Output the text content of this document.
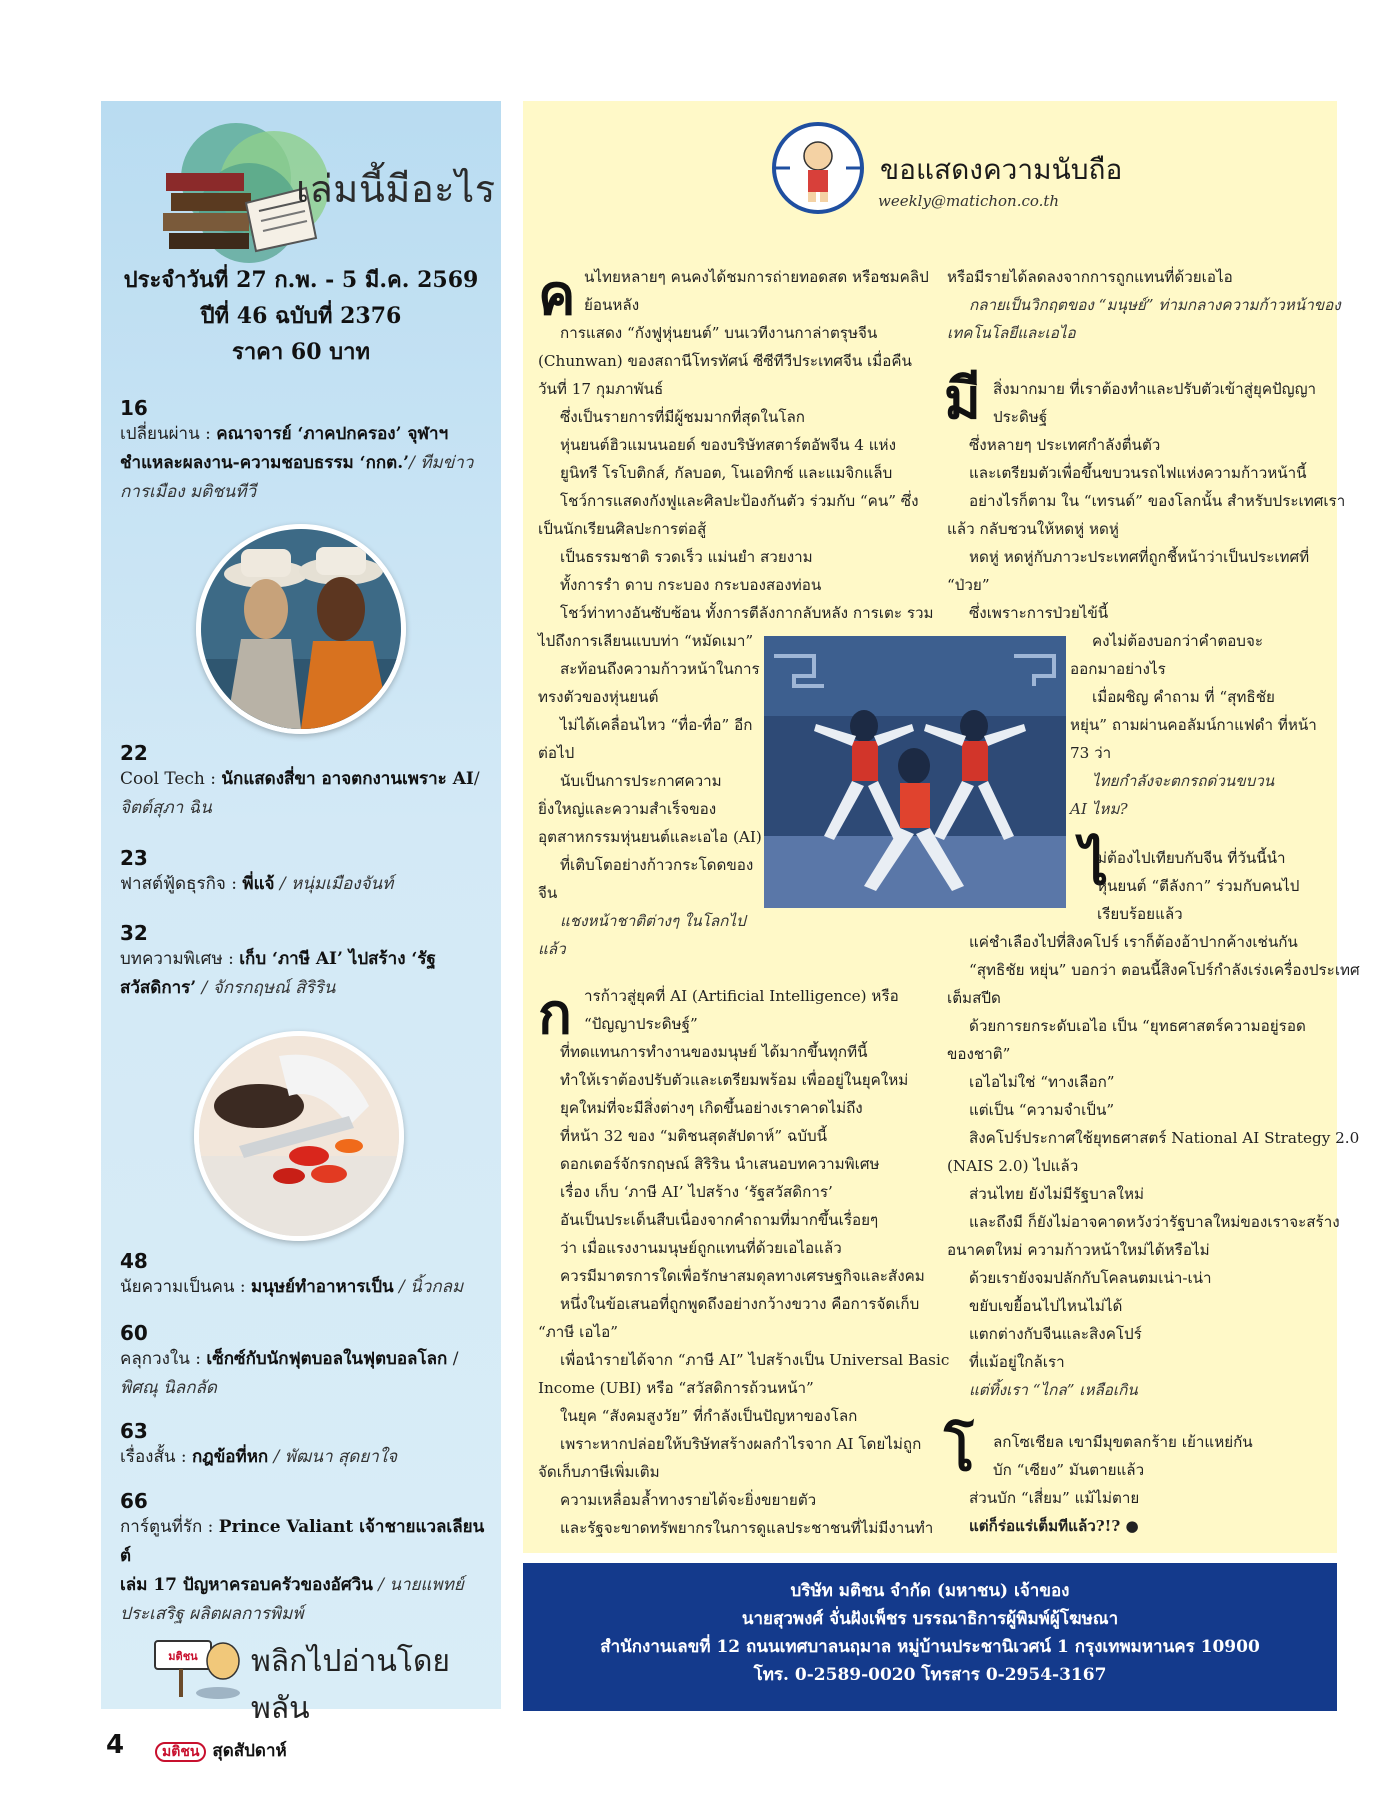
เล่มนี้มีอะไร
ประจำวันที่ 27 ก.พ. - 5 มี.ค. 2569
ปีที่ 46 ฉบับที่ 2376
ราคา 60 บาท
16
เปลี่ยนผ่าน : คณาจารย์ ‘ภาคปกครอง’ จุฬาฯ
ชำแหละผลงาน-ความชอบธรรม ‘กกต.’/ ทีมข่าว
การเมือง มติชนทีวี
22
Cool Tech : นักแสดงสี่ขา อาจตกงานเพราะ AI/
จิตต์สุภา ฉิน
23
ฟาสต์ฟู้ดธุรกิจ : พี่แจ้ / หนุ่มเมืองจันท์
32
บทความพิเศษ : เก็บ ‘ภาษี AI’ ไปสร้าง ‘รัฐ
สวัสดิการ’ / จักรกฤษณ์ สิริริน
48
นัยความเป็นคน : มนุษย์ทำอาหารเป็น / นิ้วกลม
60
คลุกวงใน : เซ็กซ์กับนักฟุตบอลในฟุตบอลโลก /
พิศณุ นิลกลัด
63
เรื่องสั้น : กฎข้อที่หก / พัฒนา สุดยาใจ
66
การ์ตูนที่รัก : Prince Valiant เจ้าชายแวลเลียนต์
เล่ม 17 ปัญหาครอบครัวของอัศวิน / นายแพทย์
ประเสริฐ ผลิตผลการพิมพ์
มติชน	พลิกไปอ่านโดยพลัน
ขอแสดงความนับถือ
weekly@matichon.co.th
ค นไทยหลายๆ คนคงได้ชมการถ่ายทอดสด หรือชมคลิป

ย้อนหลัง

การแสดง “กังฟูหุ่นยนต์” บนเวทีงานกาล่าตรุษจีน

(Chunwan) ของสถานีโทรทัศน์ ซีซีทีวีประเทศจีน เมื่อคืน

วันที่ 17 กุมภาพันธ์

ซึ่งเป็นรายการที่มีผู้ชมมากที่สุดในโลก

หุ่นยนต์ฮิวแมนนอยด์ ของบริษัทสตาร์ตอัพจีน 4 แห่ง

ยูนิทรี โรโบติกส์, กัลบอต, โนเอทิกซ์ และแมจิกแล็บ

โชว์การแสดงกังฟูและศิลปะป้องกันตัว ร่วมกับ “คน” ซึ่ง

เป็นนักเรียนศิลปะการต่อสู้

เป็นธรรมชาติ รวดเร็ว แม่นยำ สวยงาม

ทั้งการรำ ดาบ กระบอง กระบองสองท่อน

โชว์ท่าทางอันซับซ้อน ทั้งการตีลังกากลับหลัง การเตะ รวม

ไปถึงการเลียนแบบท่า “หมัดเมา”

สะท้อนถึงความก้าวหน้าในการ

ทรงตัวของหุ่นยนต์

ไม่ได้เคลื่อนไหว “ทื่อ-ทื่อ” อีก

ต่อไป

นับเป็นการประกาศความ

ยิ่งใหญ่และความสำเร็จของ

อุตสาหกรรมหุ่นยนต์และเอไอ (AI)

ที่เติบโตอย่างก้าวกระโดดของ

จีน

แชงหน้าชาติต่างๆ ในโลกไป

แล้ว

ก ารก้าวสู่ยุคที่ AI (Artificial Intelligence) หรือ

“ปัญญาประดิษฐ์”

ที่ทดแทนการทำงานของมนุษย์ ได้มากขึ้นทุกทีนี้

ทำให้เราต้องปรับตัวและเตรียมพร้อม เพื่ออยู่ในยุคใหม่

ยุคใหม่ที่จะมีสิ่งต่างๆ เกิดขึ้นอย่างเราคาดไม่ถึง

ที่หน้า 32 ของ “มติชนสุดสัปดาห์” ฉบับนี้

ดอกเตอร์จักรกฤษณ์ สิริริน นำเสนอบทความพิเศษ

เรื่อง เก็บ ‘ภาษี AI’ ไปสร้าง ‘รัฐสวัสดิการ’

อันเป็นประเด็นสืบเนื่องจากคำถามที่มากขึ้นเรื่อยๆ

ว่า เมื่อแรงงานมนุษย์ถูกแทนที่ด้วยเอไอแล้ว

ควรมีมาตรการใดเพื่อรักษาสมดุลทางเศรษฐกิจและสังคม

หนึ่งในข้อเสนอที่ถูกพูดถึงอย่างกว้างขวาง คือการจัดเก็บ

“ภาษี เอไอ”

เพื่อนำรายได้จาก “ภาษี AI” ไปสร้างเป็น Universal Basic

Income (UBI) หรือ “สวัสดิการถ้วนหน้า”

ในยุค “สังคมสูงวัย” ที่กำลังเป็นปัญหาของโลก

เพราะหากปล่อยให้บริษัทสร้างผลกำไรจาก AI โดยไม่ถูก

จัดเก็บภาษีเพิ่มเติม

ความเหลื่อมล้ำทางรายได้จะยิ่งขยายตัว

และรัฐจะขาดทรัพยากรในการดูแลประชาชนที่ไม่มีงานทำ

หรือมีรายได้ลดลงจากการถูกแทนที่ด้วยเอไอ

กลายเป็นวิกฤตของ “มนุษย์” ท่ามกลางความก้าวหน้าของ

เทคโนโลยีและเอไอ

มี สิ่งมากมาย ที่เราต้องทำและปรับตัวเข้าสู่ยุคปัญญา

ประดิษฐ์

ซึ่งหลายๆ ประเทศกำลังตื่นตัว

และเตรียมตัวเพื่อขึ้นขบวนรถไฟแห่งความก้าวหน้านี้

อย่างไรก็ตาม ใน “เทรนด์” ของโลกนั้น สำหรับประเทศเรา

แล้ว กลับชวนให้หดหู่ หดหู่

หดหู่ หดหู่กับภาวะประเทศที่ถูกชี้หน้าว่าเป็นประเทศที่

“ป่วย”

ซึ่งเพราะการป่วยไข้นี้

คงไม่ต้องบอกว่าคำตอบจะ

ออกมาอย่างไร

เมื่อผชิญ คำถาม ที่ “สุทธิชัย

หยุ่น” ถามผ่านคอลัมน์กาแฟดำ ที่หน้า

73 ว่า

ไทยกำลังจะตกรถด่วนขบวน

AI ไหม?

ไ

ม่ต้องไปเทียบกับจีน ที่วันนี้นำ

หุ่นยนต์ “ตีลังกา” ร่วมกับคนไป

เรียบร้อยแล้ว

แค่ชำเลืองไปที่สิงคโปร์ เราก็ต้องอ้าปากค้างเช่นกัน

“สุทธิชัย หยุ่น” บอกว่า ตอนนี้สิงคโปร์กำลังเร่งเครื่องประเทศ

เต็มสปีด

ด้วยการยกระดับเอไอ เป็น “ยุทธศาสตร์ความอยู่รอด

ของชาติ”

เอไอไม่ใช่ “ทางเลือก”

แต่เป็น “ความจำเป็น”

สิงคโปร์ประกาศใช้ยุทธศาสตร์ National AI Strategy 2.0

(NAIS 2.0) ไปแล้ว

ส่วนไทย ยังไม่มีรัฐบาลใหม่

และถึงมี ก็ยังไม่อาจคาดหวังว่ารัฐบาลใหม่ของเราจะสร้าง

อนาคตใหม่ ความก้าวหน้าใหม่ได้หรือไม่

ด้วยเรายังจมปลักกับโคลนตมเน่า-เน่า

ขยับเขยื้อนไปไหนไม่ได้

แตกต่างกับจีนและสิงคโปร์

ที่แม้อยู่ใกล้เรา

แต่ทิ้งเรา “ไกล” เหลือเกิน

โ	ลกโซเชียล เขามีมุขตลกร้าย เย้าแหย่กัน

บัก “เซียง” มันตายแล้ว

ส่วนบัก “เสี่ยม” แม้ไม่ตาย

แต่ก็ร่อแร่เต็มทีแล้ว?!? ●

บริษัท มติชน จำกัด (มหาชน) เจ้าของ
นายสุวพงศ์ จั่นฝังเพ็ชร บรรณาธิการผู้พิมพ์ผู้โฆษณา
สำนักงานเลขที่ 12 ถนนเทศบาลนฤมาล หมู่บ้านประชานิเวศน์ 1 กรุงเทพมหานคร 10900
โทร. 0-2589-0020 โทรสาร 0-2954-3167
4	มติชน สุดสัปดาห์
